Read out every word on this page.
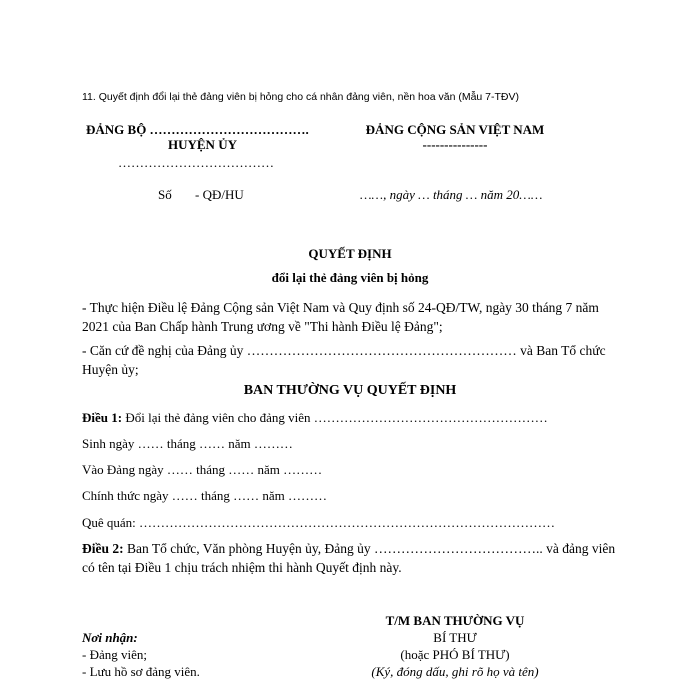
11. Quyết định đổi lại thẻ đảng viên bị hỏng cho cá nhân đảng viên, nền hoa văn (Mẫu 7-TĐV)
ĐẢNG BỘ ……………………………….
HUYỆN ỦY
………………………………
ĐẢNG CỘNG SẢN VIỆT NAM
---------------
Số - QĐ/HU	……, ngày … tháng … năm 20……
QUYẾT ĐỊNH
đổi lại thẻ đảng viên bị hỏng
- Thực hiện Điều lệ Đảng Cộng sản Việt Nam và Quy định số 24-QĐ/TW, ngày 30 tháng 7 năm 2021 của Ban Chấp hành Trung ương về "Thi hành Điều lệ Đảng";
- Căn cứ đề nghị của Đảng ủy …………………………………………………… và Ban Tổ chức Huyện ủy;
BAN THƯỜNG VỤ QUYẾT ĐỊNH
Điều 1: Đổi lại thẻ đảng viên cho đảng viên ………………………………………………
Sinh ngày …… tháng …… năm ………
Vào Đảng ngày …… tháng …… năm ………
Chính thức ngày …… tháng …… năm ………
Quê quán: ……………………………………………………………………………………
Điều 2: Ban Tổ chức, Văn phòng Huyện ủy, Đảng ủy ……………………………….. và đảng viên có tên tại Điều 1 chịu trách nhiệm thi hành Quyết định này.
T/M BAN THƯỜNG VỤ
BÍ THƯ
(hoặc PHÓ BÍ THƯ)
(Ký, đóng dấu, ghi rõ họ và tên)
Nơi nhận:
- Đảng viên;
- Lưu hồ sơ đảng viên.
